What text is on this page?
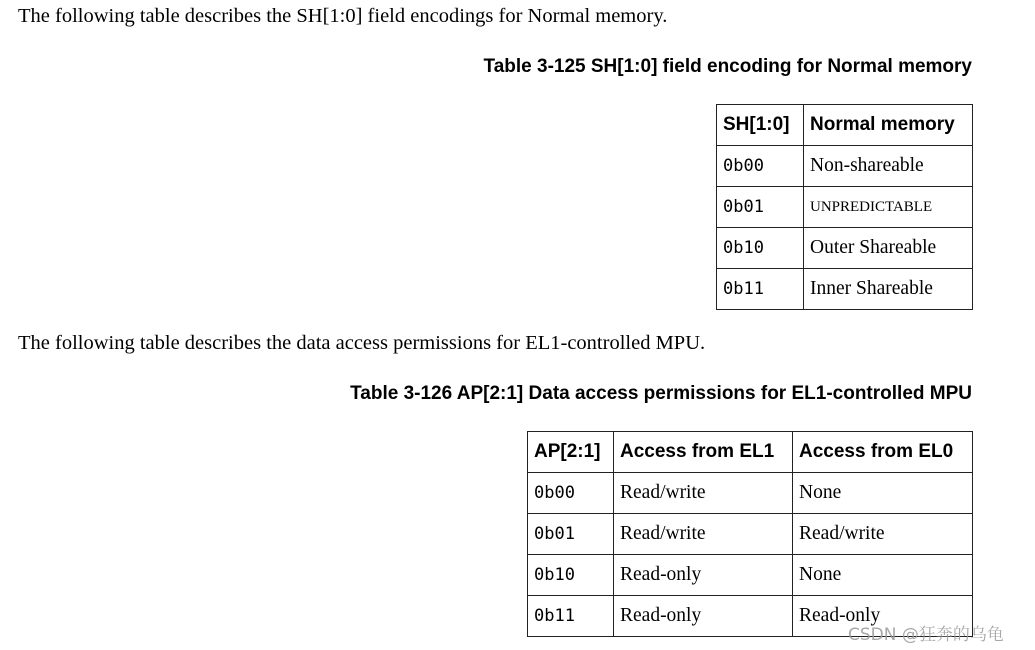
The following table describes the SH[1:0] field encodings for Normal memory.
Table 3-125 SH[1:0] field encoding for Normal memory
SH[1:0]	Normal memory
0b00	Non-shareable
0b01	UNPREDICTABLE
0b10	Outer Shareable
0b11	Inner Shareable
The following table describes the data access permissions for EL1-controlled MPU.
Table 3-126 AP[2:1] Data access permissions for EL1-controlled MPU
AP[2:1]	Access from EL1	Access from EL0
0b00	Read/write	None
0b01	Read/write	Read/write
0b10	Read-only	None
0b11	Read-only	Read-only
CSDN @狂奔的乌龟
